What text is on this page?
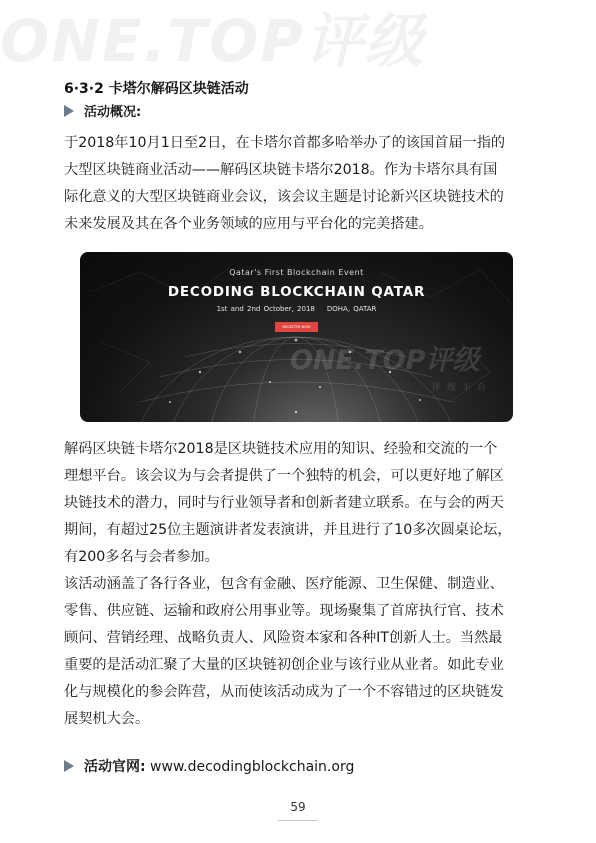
ONE.TOP评级
6·3·2 卡塔尔解码区块链活动
活动概况:

于2018年10月1日至2日，在卡塔尔首都多哈举办了的该国首届一指的

大型区块链商业活动——解码区块链卡塔尔2018。作为卡塔尔具有国

际化意义的大型区块链商业会议，该会议主题是讨论新兴区块链技术的

未来发展及其在各个业务领域的应用与平台化的完美搭建。

Qatar's First Blockchain Event
DECODING BLOCKCHAIN QATAR
1st and 2nd October, 2018 DOHA, QATAR
REGISTER NOW
ONE.TOP评级
评级平台

解码区块链卡塔尔2018是区块链技术应用的知识、经验和交流的一个

理想平台。该会议为与会者提供了一个独特的机会，可以更好地了解区

块链技术的潜力，同时与行业领导者和创新者建立联系。在与会的两天

期间，有超过25位主题演讲者发表演讲，并且进行了10多次圆桌论坛，

有200多名与会者参加。

该活动涵盖了各行各业，包含有金融、医疗能源、卫生保健、制造业、

零售、供应链、运输和政府公用事业等。现场聚集了首席执行官、技术

顾问、营销经理、战略负责人、风险资本家和各种IT创新人士。当然最

重要的是活动汇聚了大量的区块链初创企业与该行业从业者。如此专业

化与规模化的参会阵营，从而使该活动成为了一个不容错过的区块链发

展契机大会。

活动官网: www.decodingblockchain.org
59
